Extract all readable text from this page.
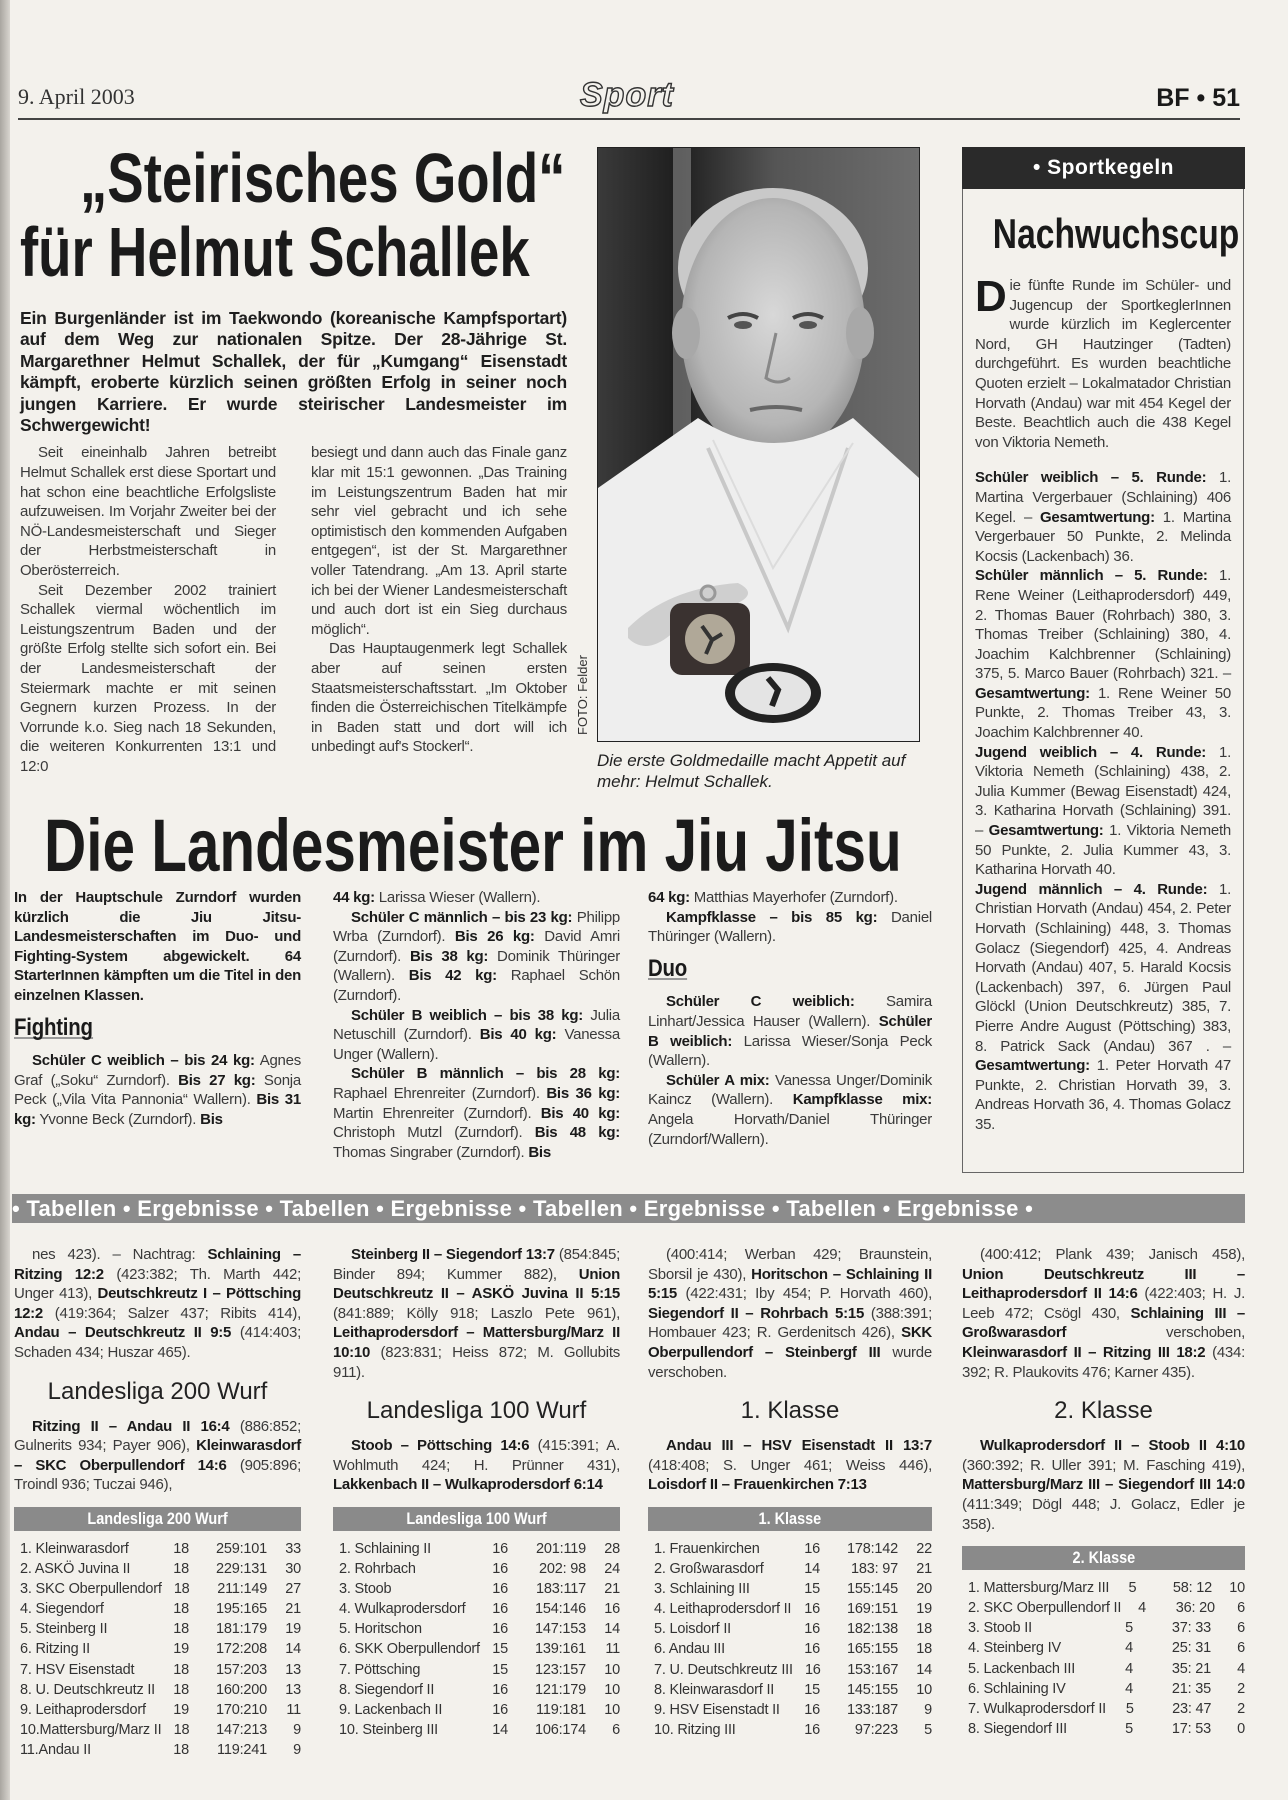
9. April 2003	Sport	BF • 51
„Steirisches Gold“
für Helmut Schallek
Ein Burgenländer ist im Taekwondo (koreanische Kampfsportart) auf dem Weg zur nationalen Spitze. Der 28-Jährige St. Margarethner Helmut Schallek, der für „Kumgang“ Eisenstadt kämpft, eroberte kürzlich seinen größten Erfolg in seiner noch jungen Karriere. Er wurde steirischer Landesmeister im Schwergewicht!

Seit eineinhalb Jahren betreibt Helmut Schallek erst diese Sportart und hat schon eine beachtliche Erfolgsliste aufzuweisen. Im Vorjahr Zweiter bei der NÖ-Landesmeisterschaft und Sieger der Herbstmeisterschaft in Oberösterreich.

Seit Dezember 2002 trainiert Schallek viermal wöchentlich im Leistungszentrum Baden und der größte Erfolg stellte sich sofort ein. Bei der Landesmeisterschaft der Steiermark machte er mit seinen Gegnern kurzen Prozess. In der Vorrunde k.o. Sieg nach 18 Sekunden, die weiteren Konkurrenten 13:1 und 12:0

besiegt und dann auch das Finale ganz klar mit 15:1 gewonnen. „Das Training im Leistungszentrum Baden hat mir sehr viel gebracht und ich sehe optimistisch den kommenden Aufgaben entgegen“, ist der St. Margarethner voller Tatendrang. „Am 13. April starte ich bei der Wiener Landesmeisterschaft und auch dort ist ein Sieg durchaus möglich“.

Das Hauptaugenmerk legt Schallek aber auf seinen ersten Staatsmeisterschaftsstart. „Im Oktober finden die Österreichischen Titelkämpfe in Baden statt und dort will ich unbedingt auf's Stockerl“.

FOTO: Felder
Die erste Goldmedaille macht Appetit auf mehr: Helmut Schallek.
• Sportkegeln
Nachwuchscup

Die fünfte Runde im Schüler- und Jugencup der SportkeglerInnen wurde kürzlich im Keglercenter Nord, GH Hautzinger (Tadten) durchgeführt. Es wurden beachtliche Quoten erzielt – Lokalmatador Christian Horvath (Andau) war mit 454 Kegel der Beste. Beachtlich auch die 438 Kegel von Viktoria Nemeth.

Schüler weiblich – 5. Runde: 1. Martina Vergerbauer (Schlaining) 406 Kegel. – Gesamtwertung: 1. Martina Vergerbauer 50 Punkte, 2. Melinda Kocsis (Lackenbach) 36.

Schüler männlich – 5. Runde: 1. Rene Weiner (Leithaprodersdorf) 449, 2. Thomas Bauer (Rohrbach) 380, 3. Thomas Treiber (Schlaining) 380, 4. Joachim Kalchbrenner (Schlaining) 375, 5. Marco Bauer (Rohrbach) 321. – Gesamtwertung: 1. Rene Weiner 50 Punkte, 2. Thomas Treiber 43, 3. Joachim Kalchbrenner 40.

Jugend weiblich – 4. Runde: 1. Viktoria Nemeth (Schlaining) 438, 2. Julia Kummer (Bewag Eisenstadt) 424, 3. Katharina Horvath (Schlaining) 391. – Gesamtwertung: 1. Viktoria Nemeth 50 Punkte, 2. Julia Kummer 43, 3. Katharina Horvath 40.

Jugend männlich – 4. Runde: 1. Christian Horvath (Andau) 454, 2. Peter Horvath (Schlaining) 448, 3. Thomas Golacz (Siegendorf) 425, 4. Andreas Horvath (Andau) 407, 5. Harald Kocsis (Lackenbach) 397, 6. Jürgen Paul Glöckl (Union Deutschkreutz) 385, 7. Pierre Andre August (Pöttsching) 383, 8. Patrick Sack (Andau) 367 . – Gesamtwertung: 1. Peter Horvath 47 Punkte, 2. Christian Horvath 39, 3. Andreas Horvath 36, 4. Thomas Golacz 35.

Die Landesmeister im Jiu Jitsu

In der Hauptschule Zurndorf wurden kürzlich die Jiu Jitsu-Landesmeisterschaften im Duo- und Fighting-System abgewickelt. 64 StarterInnen kämpften um die Titel in den einzelnen Klassen.

Fighting

Schüler C weiblich – bis 24 kg: Agnes Graf („Soku“ Zurndorf). Bis 27 kg: Sonja Peck („Vila Vita Pannonia“ Wallern). Bis 31 kg: Yvonne Beck (Zurndorf). Bis

44 kg: Larissa Wieser (Wallern).

Schüler C männlich – bis 23 kg: Philipp Wrba (Zurndorf). Bis 26 kg: David Amri (Zurndorf). Bis 38 kg: Dominik Thüringer (Wallern). Bis 42 kg: Raphael Schön (Zurndorf).

Schüler B weiblich – bis 38 kg: Julia Netuschill (Zurndorf). Bis 40 kg: Vanessa Unger (Wallern).

Schüler B männlich – bis 28 kg: Raphael Ehrenreiter (Zurndorf). Bis 36 kg: Martin Ehrenreiter (Zurndorf). Bis 40 kg: Christoph Mutzl (Zurndorf). Bis 48 kg: Thomas Singraber (Zurndorf). Bis

64 kg: Matthias Mayerhofer (Zurndorf).

Kampfklasse – bis 85 kg: Daniel Thüringer (Wallern).

Duo

Schüler C weiblich: Samira Linhart/Jessica Hauser (Wallern). Schüler B weiblich: Larissa Wieser/Sonja Peck (Wallern).

Schüler A mix: Vanessa Unger/Dominik Kaincz (Wallern). Kampfklasse mix: Angela Horvath/Daniel Thüringer (Zurndorf/Wallern).

• Tabellen • Ergebnisse • Tabellen • Ergebnisse • Tabellen • Ergebnisse • Tabellen • Ergebnisse •

nes 423). – Nachtrag: Schlaining – Ritzing 12:2 (423:382; Th. Marth 442; Unger 413), Deutschkreutz I – Pöttsching 12:2 (419:364; Salzer 437; Ribits 414), Andau – Deutschkreutz II 9:5 (414:403; Schaden 434; Huszar 465).

Landesliga 200 Wurf

Ritzing II – Andau II 16:4 (886:852; Gulnerits 934; Payer 906), Kleinwarasdorf – SKC Oberpullendorf 14:6 (905:896; Troindl 936; Tuczai 946),

Landesliga 200 Wurf
1. Kleinwarasdorf	18	259:101	33
2. ASKÖ Juvina II	18	229:131	30
3. SKC Oberpullendorf 18	211:149	27
4. Siegendorf	18	195:165	21
5. Steinberg II	18	181:179	19
6. Ritzing II	19	172:208	14
7. HSV Eisenstadt	18	157:203	13
8. U. Deutschkreutz II	18	160:200	13
9. Leithaprodersdorf	19	170:210	11
10.Mattersburg/Marz II 18	147:213	9
11.Andau II	18	119:241	9

Steinberg II – Siegendorf 13:7 (854:845; Binder 894; Kummer 882), Union Deutschkreutz II – ASKÖ Juvina II 5:15 (841:889; Kölly 918; Laszlo Pete 961), Leithaprodersdorf – Mattersburg/Marz II 10:10 (823:831; Heiss 872; M. Gollubits 911).

Landesliga 100 Wurf

Stoob – Pöttsching 14:6 (415:391; A. Wohlmuth 424; H. Prünner 431), Lakkenbach II – Wulkaprodersdorf 6:14

Landesliga 100 Wurf
1. Schlaining II	16	201:119	28
2. Rohrbach	16	202: 98	24
3. Stoob	16	183:117	21
4. Wulkaprodersdorf	16	154:146	16
5. Horitschon	16	147:153	14
6. SKK Oberpullendorf 15	139:161	11
7. Pöttsching	15	123:157	10
8. Siegendorf II	16	121:179	10
9. Lackenbach II	16	119:181	10
10. Steinberg III	14	106:174	6

(400:414; Werban 429; Braunstein, Sborsil je 430), Horitschon – Schlaining II 5:15 (422:431; Iby 454; P. Horvath 460), Siegendorf II – Rohrbach 5:15 (388:391; Hombauer 423; R. Gerdenitsch 426), SKK Oberpullendorf – Steinbergf III wurde verschoben.

1. Klasse

Andau III – HSV Eisenstadt II 13:7 (418:408; S. Unger 461; Weiss 446), Loisdorf II – Frauenkirchen 7:13

1. Klasse
1. Frauenkirchen	16	178:142	22
2. Großwarasdorf	14	183: 97	21
3. Schlaining III	15	155:145	20
4. Leithaprodersdorf II 16	169:151	19
5. Loisdorf II	16	182:138	18
6. Andau III	16	165:155	18
7. U. Deutschkreutz III 16	153:167	14
8. Kleinwarasdorf II	15	145:155	10
9. HSV Eisenstadt II	16	133:187	9
10. Ritzing III	16	97:223	5

(400:412; Plank 439; Janisch 458), Union Deutschkreutz III – Leithaprodersdorf II 14:6 (422:403; H. J. Leeb 472; Csögl 430, Schlaining III – Großwarasdorf verschoben, Kleinwarasdorf II – Ritzing III 18:2 (434: 392; R. Plaukovits 476; Karner 435).

2. Klasse

Wulkaprodersdorf II – Stoob II 4:10 (360:392; R. Uller 391; M. Fasching 419), Mattersburg/Marz III – Siegendorf III 14:0 (411:349; Dögl 448; J. Golacz, Edler je 358).

2. Klasse
1. Mattersburg/Marz III	5	58: 12	10
2. SKC Oberpullendorf II	4	36: 20	6
3. Stoob II	5	37: 33	6
4. Steinberg IV	4	25: 31	6
5. Lackenbach III	4	35: 21	4
6. Schlaining IV	4	21: 35	2
7. Wulkaprodersdorf II	5	23: 47	2
8. Siegendorf III	5	17: 53	0
